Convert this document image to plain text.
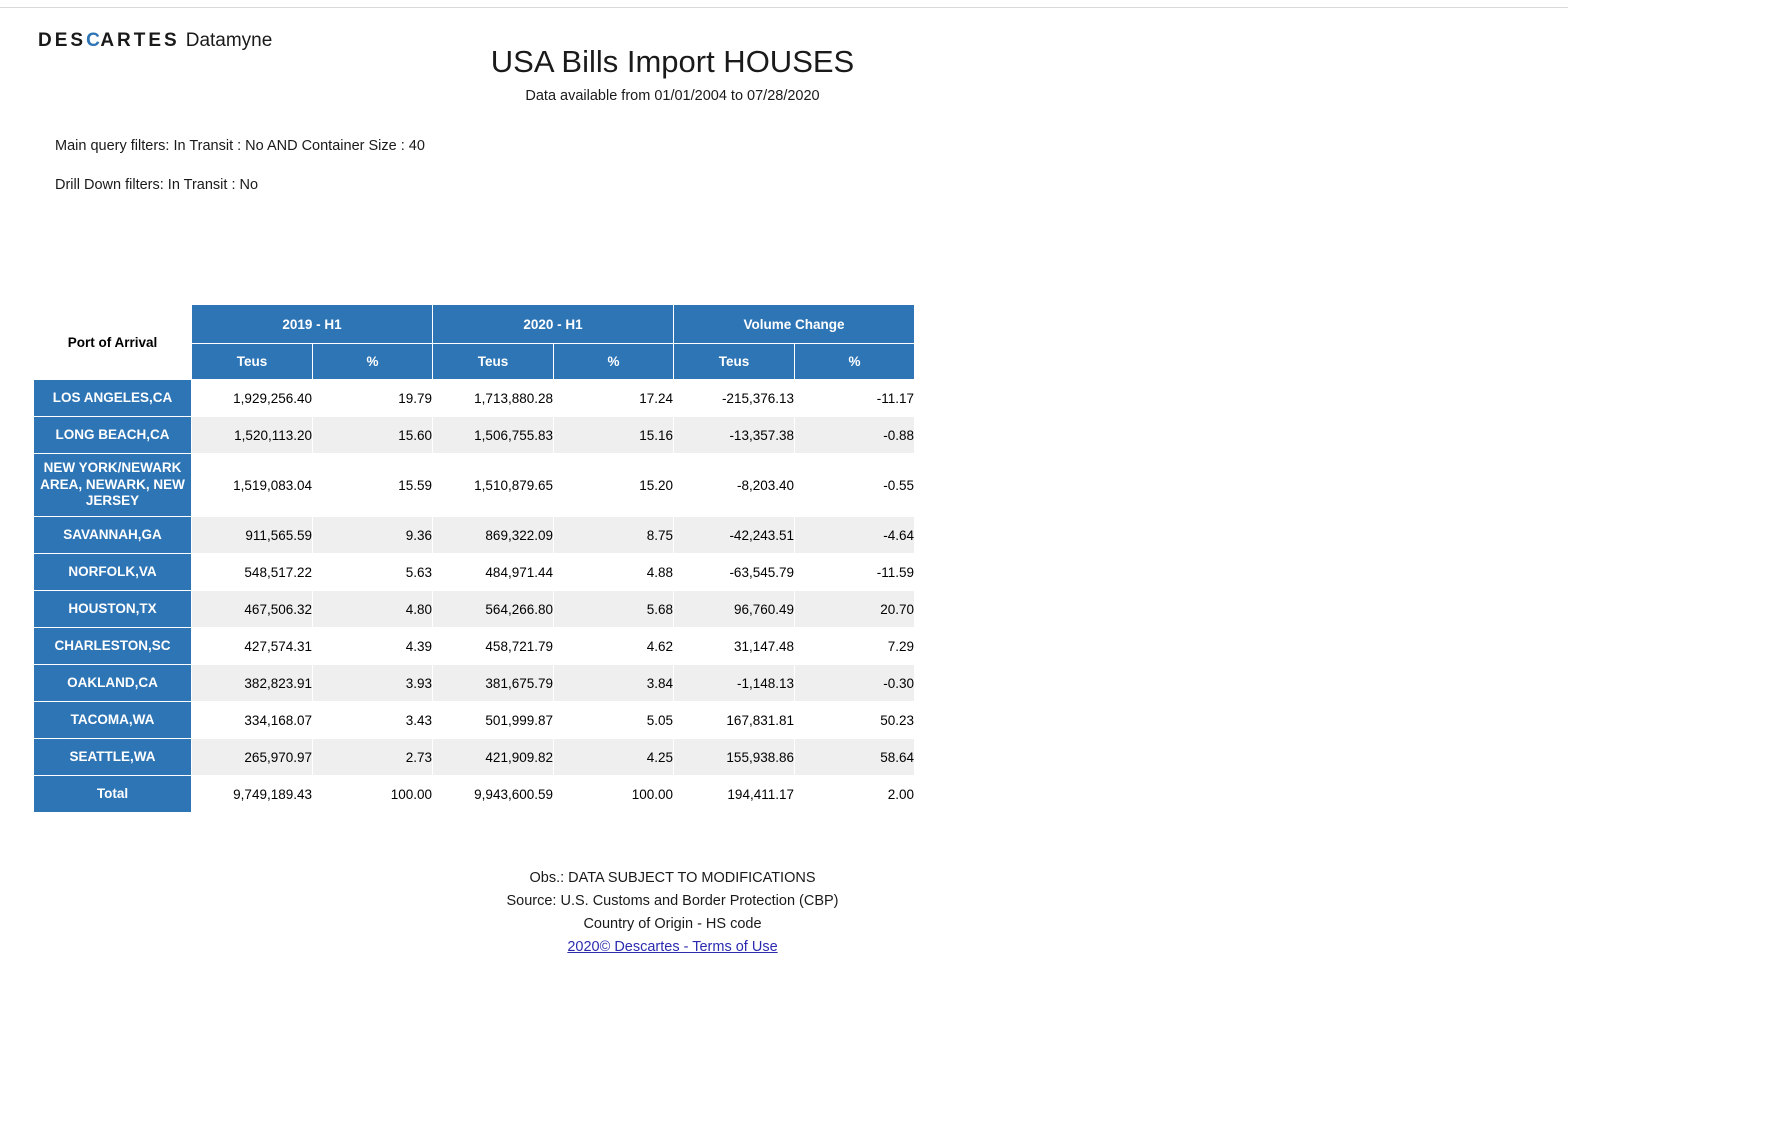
DESCARTES Datamyne
USA Bills Import HOUSES
Data available from 01/01/2004 to 07/28/2020
Main query filters: In Transit : No AND Container Size : 40
Drill Down filters: In Transit : No
Port of Arrival	2019 - H1		2020 - H1		Volume Change	
	Teus	%	Teus	%	Teus	%
LOS ANGELES,CA	1,929,256.40	19.79	1,713,880.28	17.24	-215,376.13	-11.17
LONG BEACH,CA	1,520,113.20	15.60	1,506,755.83	15.16	-13,357.38	-0.88
NEW YORK/NEWARK AREA, NEWARK, NEW JERSEY	1,519,083.04	15.59	1,510,879.65	15.20	-8,203.40	-0.55
SAVANNAH,GA	911,565.59	9.36	869,322.09	8.75	-42,243.51	-4.64
NORFOLK,VA	548,517.22	5.63	484,971.44	4.88	-63,545.79	-11.59
HOUSTON,TX	467,506.32	4.80	564,266.80	5.68	96,760.49	20.70
CHARLESTON,SC	427,574.31	4.39	458,721.79	4.62	31,147.48	7.29
OAKLAND,CA	382,823.91	3.93	381,675.79	3.84	-1,148.13	-0.30
TACOMA,WA	334,168.07	3.43	501,999.87	5.05	167,831.81	50.23
SEATTLE,WA	265,970.97	2.73	421,909.82	4.25	155,938.86	58.64
Total	9,749,189.43	100.00	9,943,600.59	100.00	194,411.17	2.00
Obs.: DATA SUBJECT TO MODIFICATIONS
Source: U.S. Customs and Border Protection (CBP)
Country of Origin - HS code
2020© Descartes - Terms of Use
